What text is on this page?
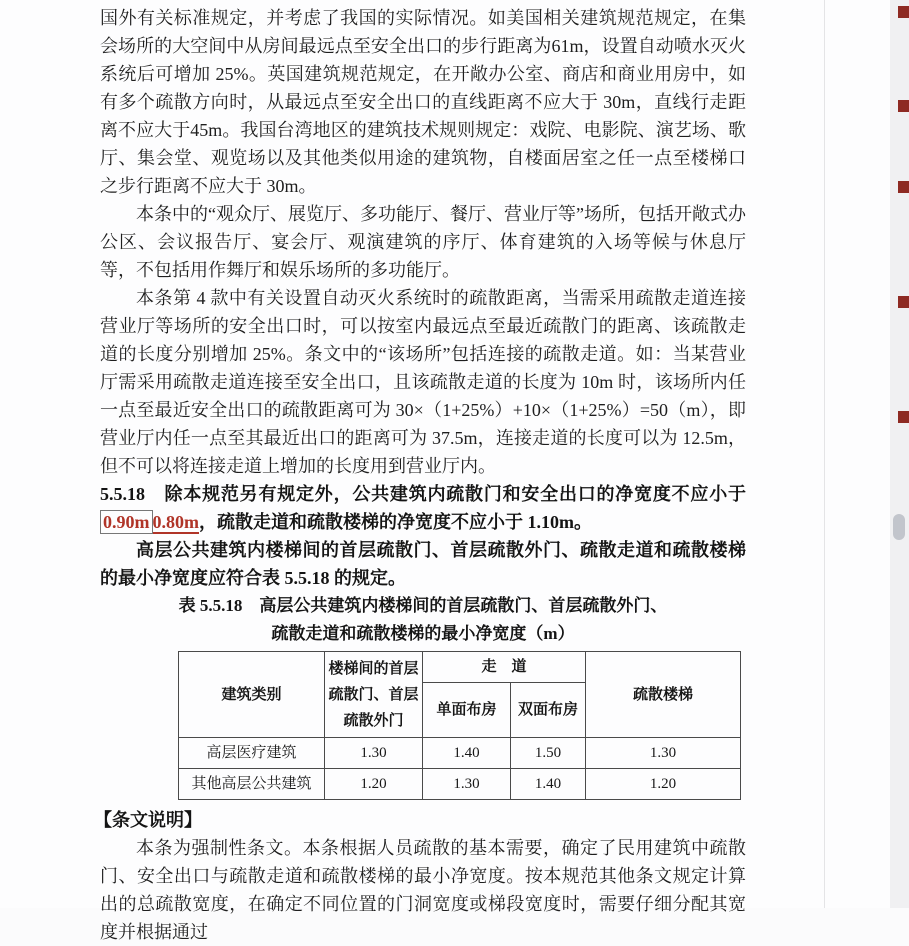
国外有关标准规定，并考虑了我国的实际情况。如美国相关建筑规范规定，在集会场所的大空间中从房间最远点至安全出口的步行距离为61m，设置自动喷水灭火系统后可增加 25%。英国建筑规范规定，在开敞办公室、商店和商业用房中，如有多个疏散方向时，从最远点至安全出口的直线距离不应大于 30m，直线行走距离不应大于45m。我国台湾地区的建筑技术规则规定：戏院、电影院、演艺场、歌厅、集会堂、观览场以及其他类似用途的建筑物，自楼面居室之任一点至楼梯口之步行距离不应大于 30m。

本条中的“观众厅、展览厅、多功能厅、餐厅、营业厅等”场所，包括开敞式办公区、会议报告厅、宴会厅、观演建筑的序厅、体育建筑的入场等候与休息厅等，不包括用作舞厅和娱乐场所的多功能厅。

本条第 4 款中有关设置自动灭火系统时的疏散距离，当需采用疏散走道连接营业厅等场所的安全出口时，可以按室内最远点至最近疏散门的距离、该疏散走道的长度分别增加 25%。条文中的“该场所”包括连接的疏散走道。如：当某营业厅需采用疏散走道连接至安全出口，且该疏散走道的长度为 10m 时，该场所内任一点至最近安全出口的疏散距离可为 30×（1+25%）+10×（1+25%）=50（m），即营业厅内任一点至其最近出口的距离可为 37.5m，连接走道的长度可以为 12.5m，但不可以将连接走道上增加的长度用到营业厅内。

5.5.18　除本规范另有规定外，公共建筑内疏散门和安全出口的净宽度不应小于0.90m 0.80m，疏散走道和疏散楼梯的净宽度不应小于 1.10m。

高层公共建筑内楼梯间的首层疏散门、首层疏散外门、疏散走道和疏散楼梯的最小净宽度应符合表 5.5.18 的规定。

表 5.5.18　高层公共建筑内楼梯间的首层疏散门、首层疏散外门、

疏散走道和疏散楼梯的最小净宽度（m）

建筑类别	楼梯间的首层疏散门、首层疏散外门	走　道		疏散楼梯
		单面布房	双面布房	
高层医疗建筑	1.30	1.40	1.50	1.30
其他高层公共建筑	1.20	1.30	1.40	1.20

【条文说明】

本条为强制性条文。本条根据人员疏散的基本需要，确定了民用建筑中疏散门、安全出口与疏散走道和疏散楼梯的最小净宽度。按本规范其他条文规定计算出的总疏散宽度，在确定不同位置的门洞宽度或梯段宽度时，需要仔细分配其宽度并根据通过
